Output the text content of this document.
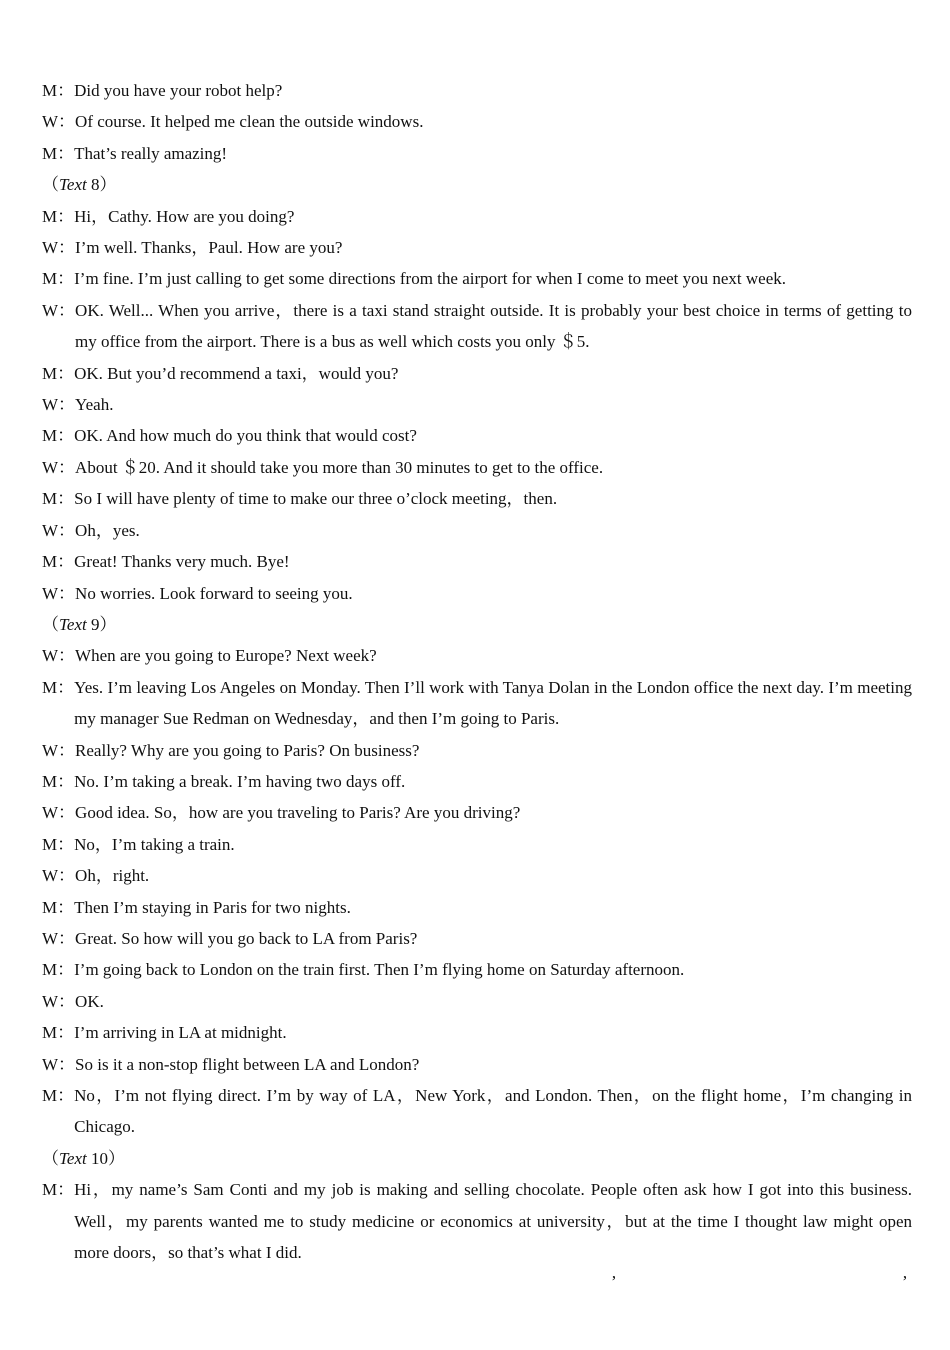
M： Did you have your robot help?
W： Of course. It helped me clean the outside windows.
M： That’s really amazing!
（Text 8）
M： Hi，Cathy. How are you doing?
W： I’m well. Thanks，Paul. How are you?
M： I’m fine. I’m just calling to get some directions from the airport for when I come to meet you next week.
W： OK. Well... When you arrive，there is a taxi stand straight outside. It is probably your best choice in terms of getting to my office from the airport. There is a bus as well which costs you only ＄5.
M： OK. But you’d recommend a taxi，would you?
W： Yeah.
M： OK. And how much do you think that would cost?
W： About ＄20. And it should take you more than 30 minutes to get to the office.
M： So I will have plenty of time to make our three o’clock meeting，then.
W： Oh，yes.
M： Great! Thanks very much. Bye!
W： No worries. Look forward to seeing you.
（Text 9）
W： When are you going to Europe? Next week?
M： Yes. I’m leaving Los Angeles on Monday. Then I’ll work with Tanya Dolan in the London office the next day. I’m meeting my manager Sue Redman on Wednesday，and then I’m going to Paris.
W： Really? Why are you going to Paris? On business?
M： No. I’m taking a break. I’m having two days off.
W： Good idea. So，how are you traveling to Paris? Are you driving?
M： No，I’m taking a train.
W： Oh，right.
M： Then I’m staying in Paris for two nights.
W： Great. So how will you go back to LA from Paris?
M： I’m going back to London on the train first. Then I’m flying home on Saturday afternoon.
W： OK.
M： I’m arriving in LA at midnight.
W： So is it a non-stop flight between LA and London?
M： No，I’m not flying direct. I’m by way of LA，New York，and London. Then，on the flight home，I’m changing in Chicago.
（Text 10）
M： Hi，my name’s Sam Conti and my job is making and selling chocolate. People often ask how I got into this business. Well，my parents wanted me to study medicine or economics at university，but at the time I thought law might open more doors，so that’s what I did.
’	’
